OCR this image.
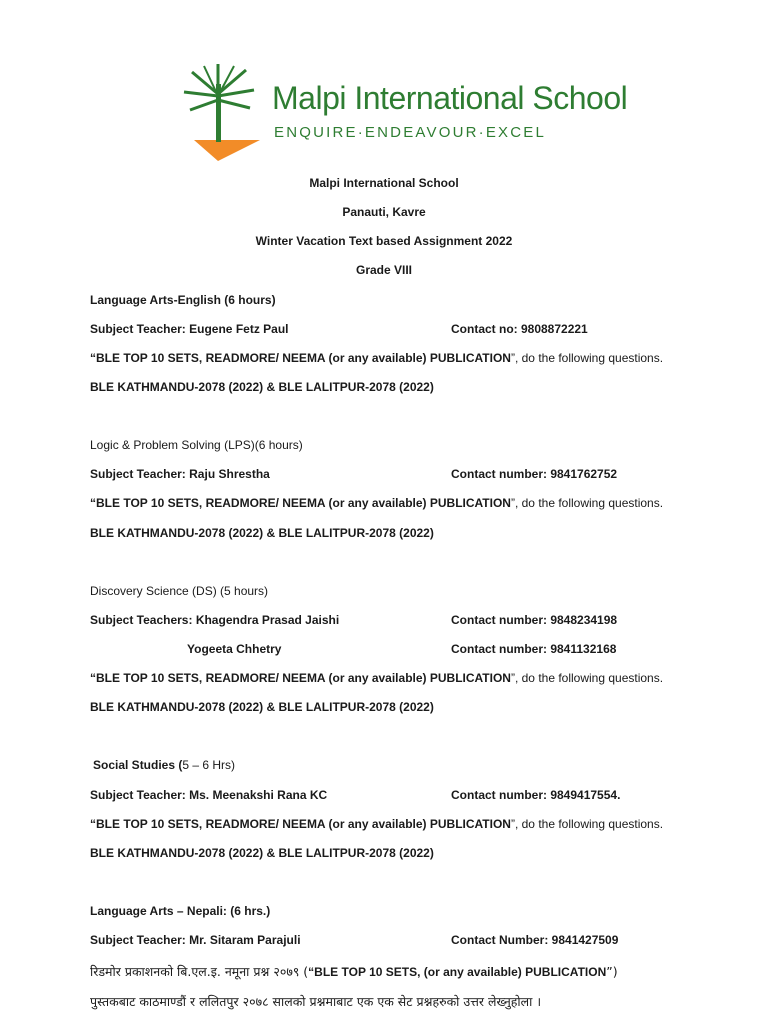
Malpi International School
ENQUIRE·ENDEAVOUR·EXCEL
Malpi International School
Panauti, Kavre
Winter Vacation Text based Assignment 2022
Grade VIII
Language Arts-English (6 hours)
Subject Teacher: Eugene Fetz Paul	Contact no: 9808872221
“BLE TOP 10 SETS, READMORE/ NEEMA (or any available) PUBLICATION”, do the following questions.
BLE KATHMANDU-2078 (2022) & BLE LALITPUR-2078 (2022)
Logic & Problem Solving (LPS)(6 hours)
Subject Teacher: Raju Shrestha	Contact number: 9841762752
“BLE TOP 10 SETS, READMORE/ NEEMA (or any available) PUBLICATION”, do the following questions.
BLE KATHMANDU-2078 (2022) & BLE LALITPUR-2078 (2022)
Discovery Science (DS) (5 hours)
Subject Teachers: Khagendra Prasad Jaishi	Contact number: 9848234198
Yogeeta Chhetry	Contact number: 9841132168
“BLE TOP 10 SETS, READMORE/ NEEMA (or any available) PUBLICATION”, do the following questions.
BLE KATHMANDU-2078 (2022) & BLE LALITPUR-2078 (2022)
Social Studies (5 – 6 Hrs)
Subject Teacher: Ms. Meenakshi Rana KC	Contact number: 9849417554.
“BLE TOP 10 SETS, READMORE/ NEEMA (or any available) PUBLICATION”, do the following questions.
BLE KATHMANDU-2078 (2022) & BLE LALITPUR-2078 (2022)
Language Arts – Nepali: (6 hrs.)
Subject Teacher: Mr. Sitaram Parajuli	Contact Number: 9841427509
रिडमोर प्रकाशनको बि.एल.इ. नमूना प्रश्न २०७९ (“BLE TOP 10 SETS, (or any available) PUBLICATION”)
पुस्तकबाट काठमाण्डौं र ललितपुर २०७८ सालको प्रश्नमाबाट एक एक सेट प्रश्नहरुको उत्तर लेख्नुहोला ।
